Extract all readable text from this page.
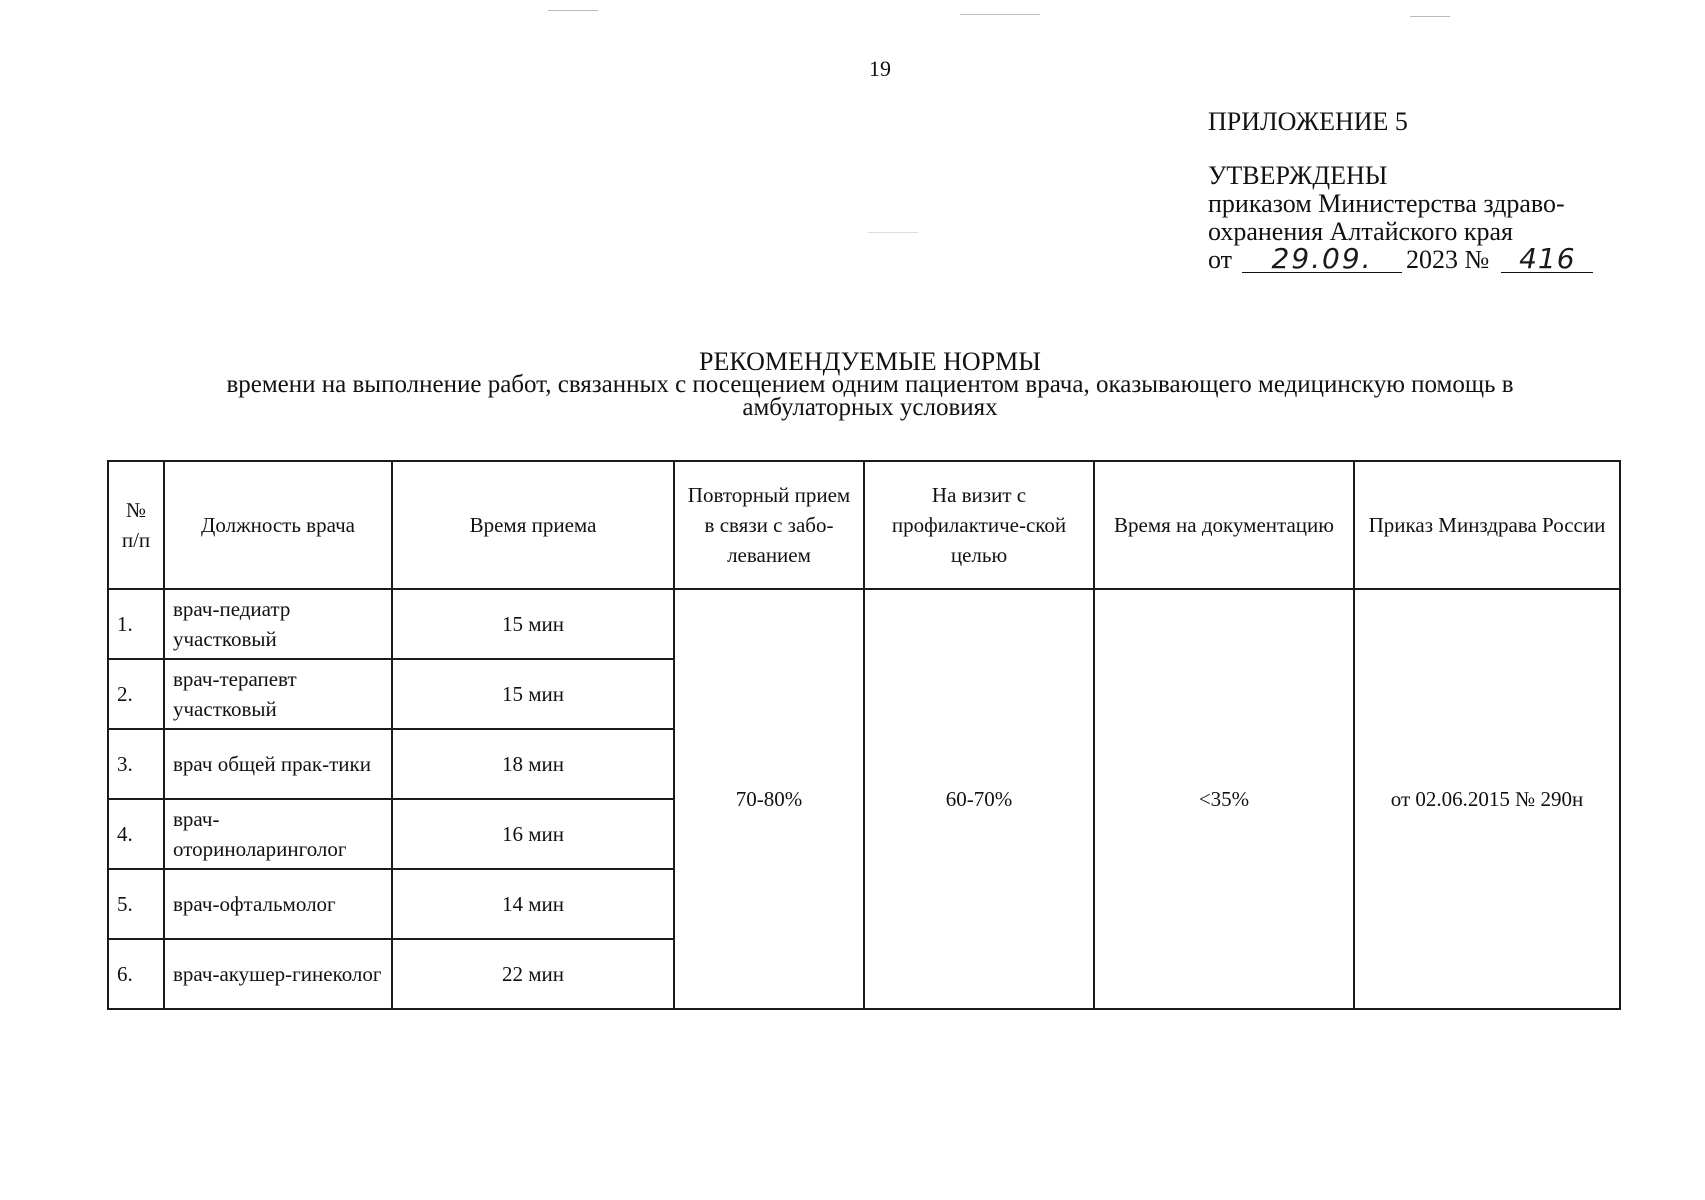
19
ПРИЛОЖЕНИЕ 5
УТВЕРЖДЕНЫ
приказом Министерства здраво-
охранения Алтайского края
от 29.09. 2023 № 416
РЕКОМЕНДУЕМЫЕ НОРМЫ
времени на выполнение работ, связанных с посещением одним пациентом врача, оказывающего медицинскую помощь в
амбулаторных условиях
№ п/п	Должность врача	Время приема	Повторный прием в связи с забо-леванием	На визит с профилактиче-ской целью	Время на документацию	Приказ Минздрава России
1.	врач-педиатр участковый	15 мин	70-80%	60-70%	<35%	от 02.06.2015 № 290н
2.	врач-терапевт участковый	15 мин				
3.	врач общей прак-тики	18 мин				
4.	врач-оториноларинголог	16 мин				
5.	врач-офтальмолог	14 мин				
6.	врач-акушер-гинеколог	22 мин				
